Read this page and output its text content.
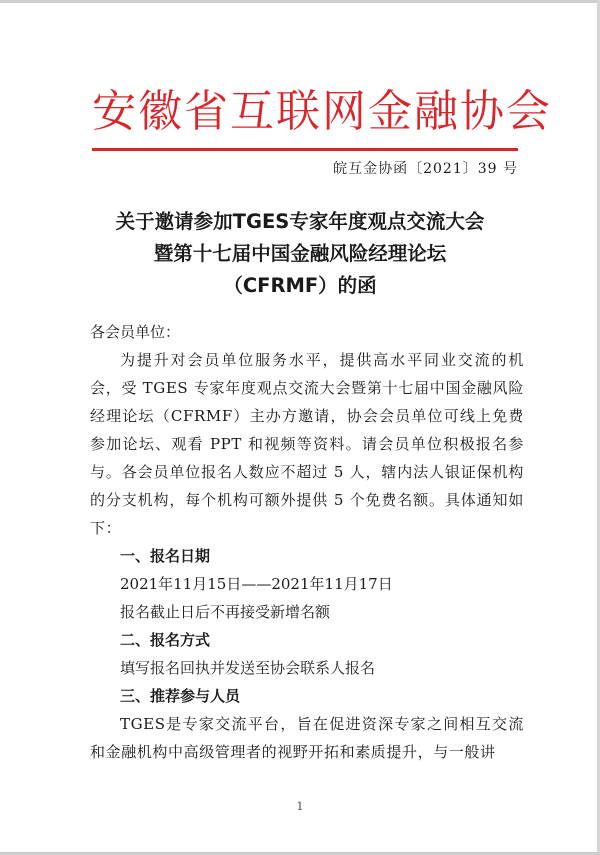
安徽省互联网金融协会
皖互金协函〔2021〕39 号
关于邀请参加TGES专家年度观点交流大会
暨第十七届中国金融风险经理论坛
（CFRMF）的函
各会员单位：
为提升对会员单位服务水平，提供高水平同业交流的机会，受 TGES 专家年度观点交流大会暨第十七届中国金融风险经理论坛（CFRMF）主办方邀请，协会会员单位可线上免费参加论坛、观看 PPT 和视频等资料。请会员单位积极报名参与。各会员单位报名人数应不超过 5 人，辖内法人银证保机构的分支机构，每个机构可额外提供 5 个免费名额。具体通知如下：
一、报名日期
2021年11月15日——2021年11月17日
报名截止日后不再接受新增名额
二、报名方式
填写报名回执并发送至协会联系人报名
三、推荐参与人员
TGES是专家交流平台，旨在促进资深专家之间相互交流和金融机构中高级管理者的视野开拓和素质提升，与一般讲
1
